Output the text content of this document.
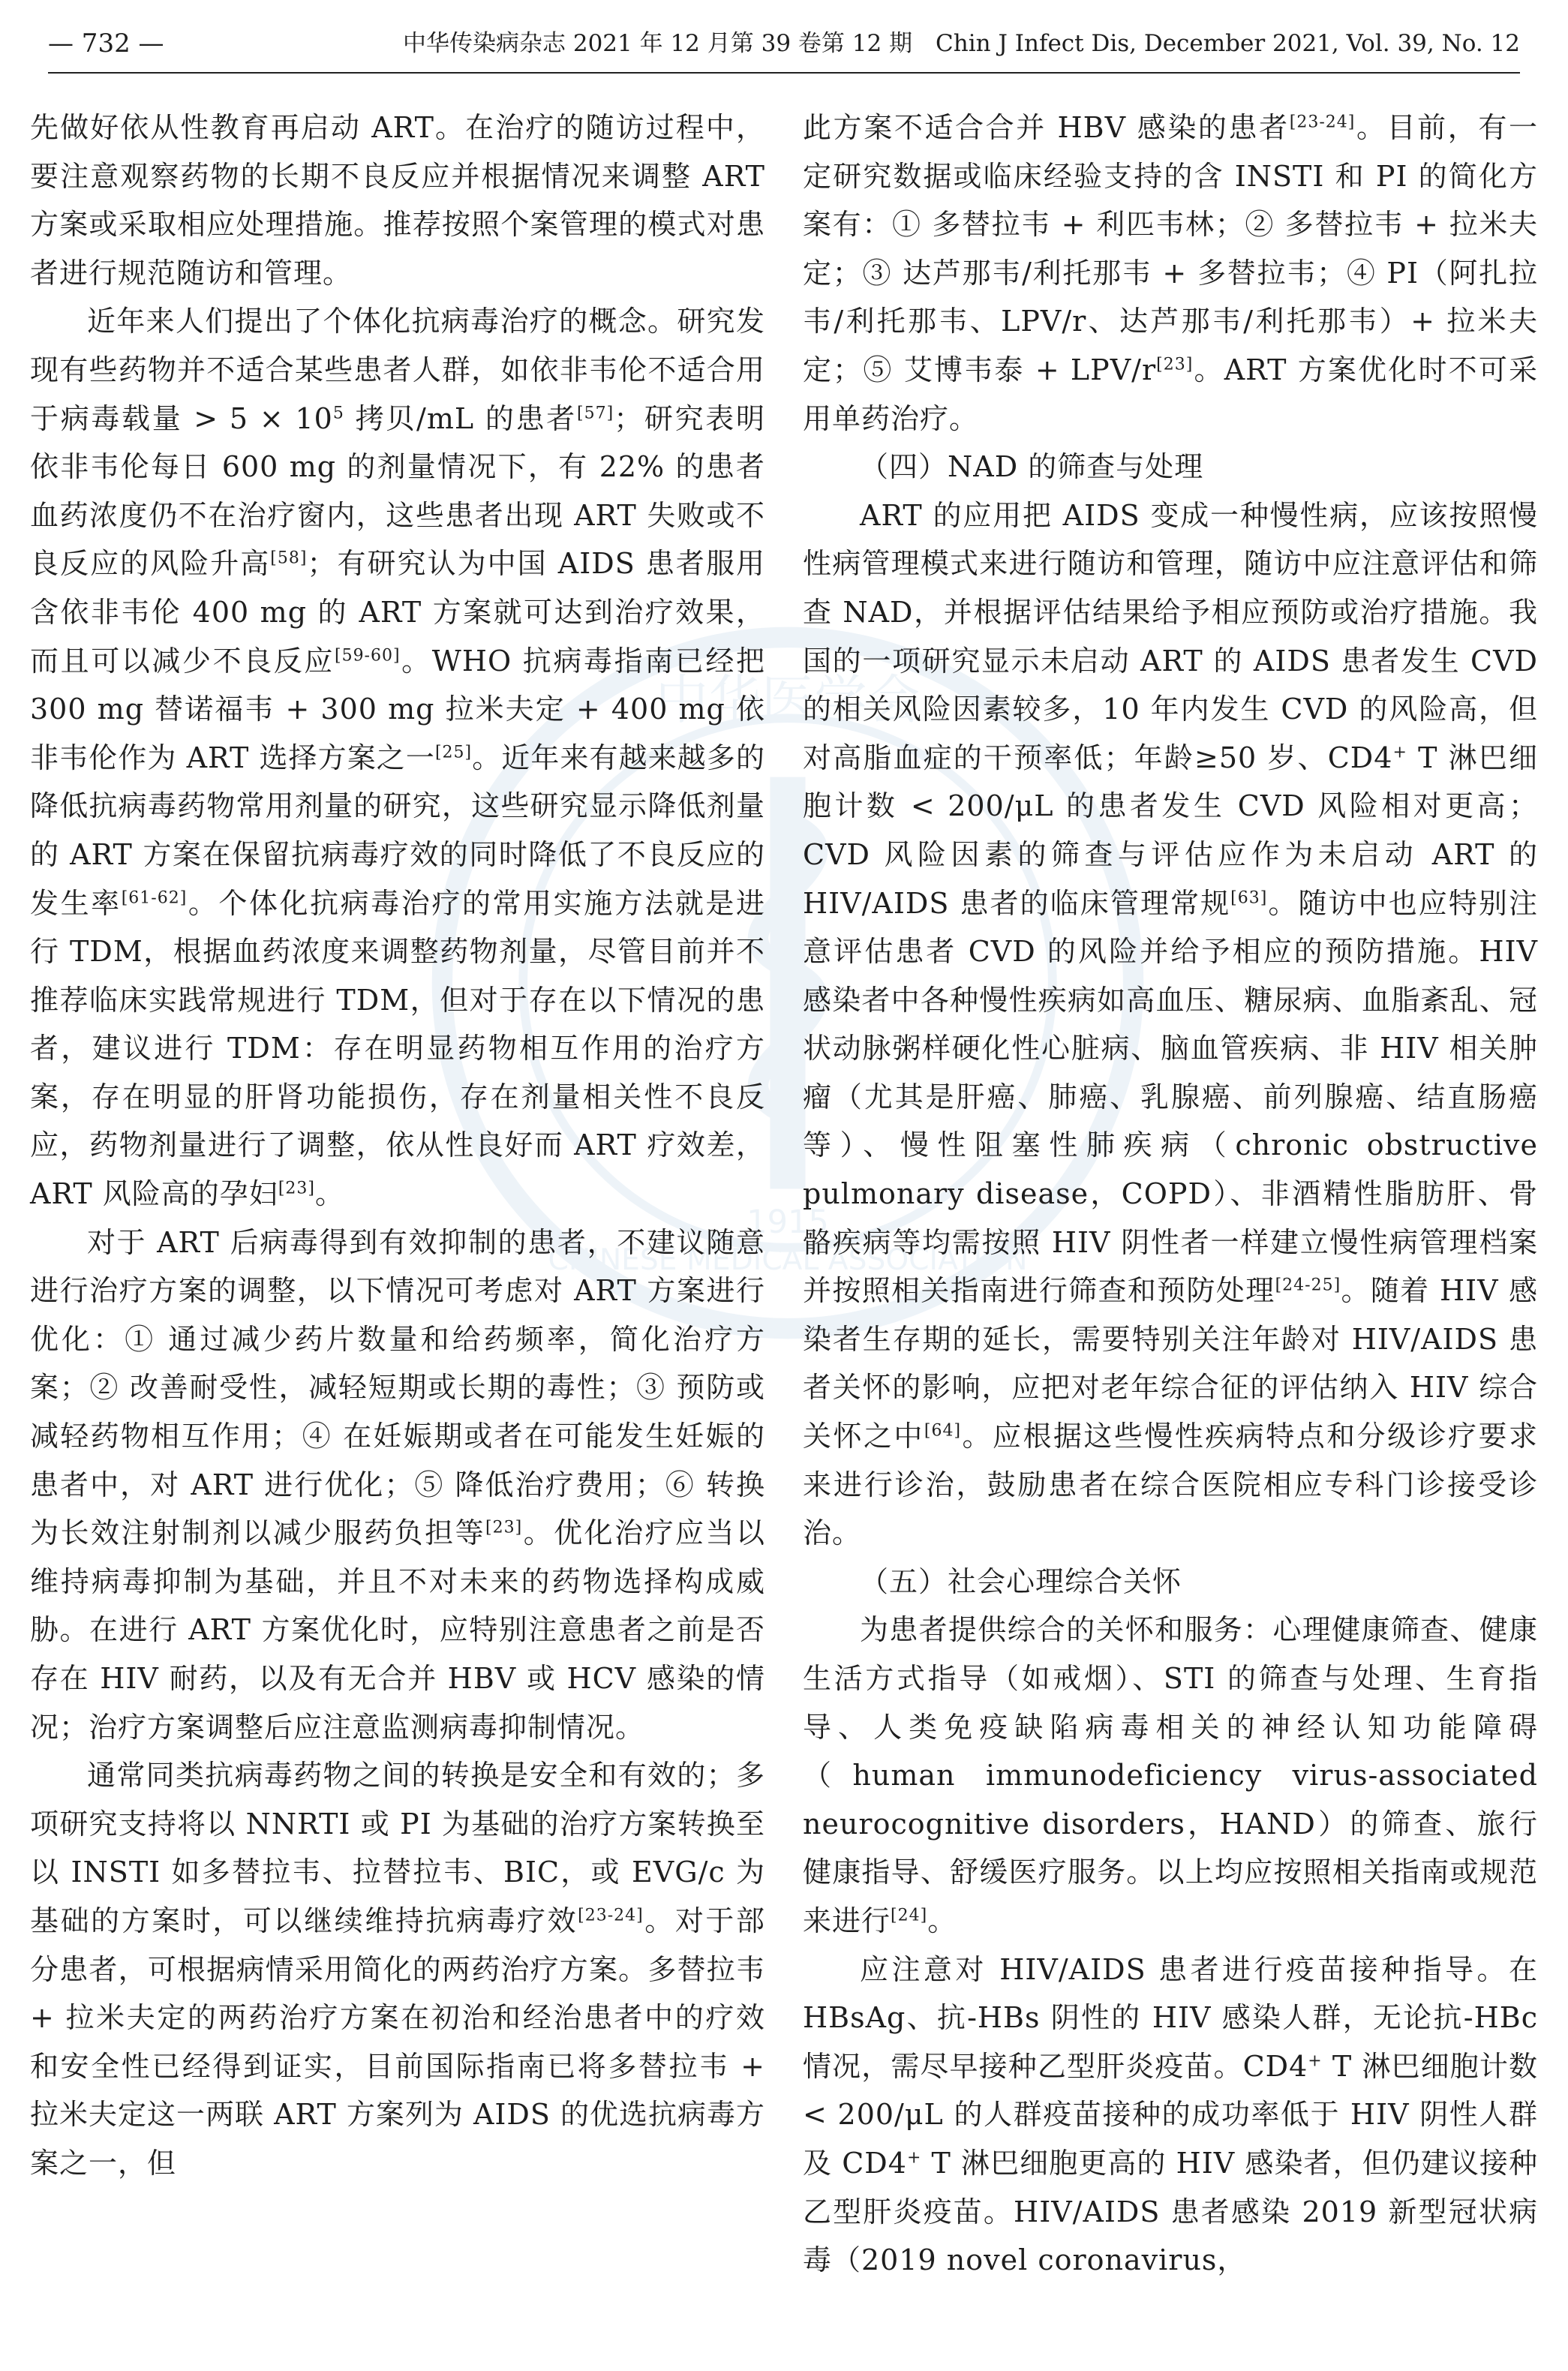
— 732 —	中华传染病杂志 2021 年 12 月第 39 卷第 12 期　Chin J Infect Dis, December 2021, Vol. 39, No. 12
中华医学会
CHINESE MEDICAL ASSOCIATION
1915

先做好依从性教育再启动 ART。在治疗的随访过程中，要注意观察药物的长期不良反应并根据情况来调整 ART 方案或采取相应处理措施。推荐按照个案管理的模式对患者进行规范随访和管理。

近年来人们提出了个体化抗病毒治疗的概念。研究发现有些药物并不适合某些患者人群，如依非韦伦不适合用于病毒载量 > $5 \times 10^5$ 拷贝/mL 的患者[57]；研究表明依非韦伦每日 600 mg 的剂量情况下，有 22% 的患者血药浓度仍不在治疗窗内，这些患者出现 ART 失败或不良反应的风险升高[58]；有研究认为中国 AIDS 患者服用含依非韦伦 400 mg 的 ART 方案就可达到治疗效果，而且可以减少不良反应[59-60]。WHO 抗病毒指南已经把 300 mg 替诺福韦 + 300 mg 拉米夫定 + 400 mg 依非韦伦作为 ART 选择方案之一[25]。近年来有越来越多的降低抗病毒药物常用剂量的研究，这些研究显示降低剂量的 ART 方案在保留抗病毒疗效的同时降低了不良反应的发生率[61-62]。个体化抗病毒治疗的常用实施方法就是进行 TDM，根据血药浓度来调整药物剂量，尽管目前并不推荐临床实践常规进行 TDM，但对于存在以下情况的患者，建议进行 TDM：存在明显药物相互作用的治疗方案，存在明显的肝肾功能损伤，存在剂量相关性不良反应，药物剂量进行了调整，依从性良好而 ART 疗效差，ART 风险高的孕妇[23]。

对于 ART 后病毒得到有效抑制的患者，不建议随意进行治疗方案的调整，以下情况可考虑对 ART 方案进行优化：① 通过减少药片数量和给药频率，简化治疗方案；② 改善耐受性，减轻短期或长期的毒性；③ 预防或减轻药物相互作用；④ 在妊娠期或者在可能发生妊娠的患者中，对 ART 进行优化；⑤ 降低治疗费用；⑥ 转换为长效注射制剂以减少服药负担等[23]。优化治疗应当以维持病毒抑制为基础，并且不对未来的药物选择构成威胁。在进行 ART 方案优化时，应特别注意患者之前是否存在 HIV 耐药，以及有无合并 HBV 或 HCV 感染的情况；治疗方案调整后应注意监测病毒抑制情况。

通常同类抗病毒药物之间的转换是安全和有效的；多项研究支持将以 NNRTI 或 PI 为基础的治疗方案转换至以 INSTI 如多替拉韦、拉替拉韦、BIC，或 EVG/c 为基础的方案时，可以继续维持抗病毒疗效[23-24]。对于部分患者，可根据病情采用简化的两药治疗方案。多替拉韦 + 拉米夫定的两药治疗方案在初治和经治患者中的疗效和安全性已经得到证实，目前国际指南已将多替拉韦 + 拉米夫定这一两联 ART 方案列为 AIDS 的优选抗病毒方案之一，但

此方案不适合合并 HBV 感染的患者[23-24]。目前，有一定研究数据或临床经验支持的含 INSTI 和 PI 的简化方案有：① 多替拉韦 + 利匹韦林；② 多替拉韦 + 拉米夫定；③ 达芦那韦/利托那韦 + 多替拉韦；④ PI（阿扎拉韦/利托那韦、LPV/r、达芦那韦/利托那韦）+ 拉米夫定；⑤ 艾博韦泰 + LPV/r[23]。ART 方案优化时不可采用单药治疗。

（四）NAD 的筛查与处理

ART 的应用把 AIDS 变成一种慢性病，应该按照慢性病管理模式来进行随访和管理，随访中应注意评估和筛查 NAD，并根据评估结果给予相应预防或治疗措施。我国的一项研究显示未启动 ART 的 AIDS 患者发生 CVD 的相关风险因素较多，10 年内发生 CVD 的风险高，但对高脂血症的干预率低；年龄≥50 岁、CD4+ T 淋巴细胞计数 < 200/μL 的患者发生 CVD 风险相对更高；CVD 风险因素的筛查与评估应作为未启动 ART 的 HIV/AIDS 患者的临床管理常规[63]。随访中也应特别注意评估患者 CVD 的风险并给予相应的预防措施。HIV 感染者中各种慢性疾病如高血压、糖尿病、血脂紊乱、冠状动脉粥样硬化性心脏病、脑血管疾病、非 HIV 相关肿瘤（尤其是肝癌、肺癌、乳腺癌、前列腺癌、结直肠癌等）、慢性阻塞性肺疾病（chronic obstructive pulmonary disease，COPD）、非酒精性脂肪肝、骨骼疾病等均需按照 HIV 阴性者一样建立慢性病管理档案并按照相关指南进行筛查和预防处理[24-25]。随着 HIV 感染者生存期的延长，需要特别关注年龄对 HIV/AIDS 患者关怀的影响，应把对老年综合征的评估纳入 HIV 综合关怀之中[64]。应根据这些慢性疾病特点和分级诊疗要求来进行诊治，鼓励患者在综合医院相应专科门诊接受诊治。

（五）社会心理综合关怀

为患者提供综合的关怀和服务：心理健康筛查、健康生活方式指导（如戒烟）、STI 的筛查与处理、生育指导、人类免疫缺陷病毒相关的神经认知功能障碍（human immunodeficiency virus-associated neurocognitive disorders，HAND）的筛查、旅行健康指导、舒缓医疗服务。以上均应按照相关指南或规范来进行[24]。

应注意对 HIV/AIDS 患者进行疫苗接种指导。在 HBsAg、抗-HBs 阴性的 HIV 感染人群，无论抗-HBc 情况，需尽早接种乙型肝炎疫苗。CD4+ T 淋巴细胞计数 < 200/μL 的人群疫苗接种的成功率低于 HIV 阴性人群及 CD4+ T 淋巴细胞更高的 HIV 感染者，但仍建议接种乙型肝炎疫苗。HIV/AIDS 患者感染 2019 新型冠状病毒（2019 novel coronavirus，
